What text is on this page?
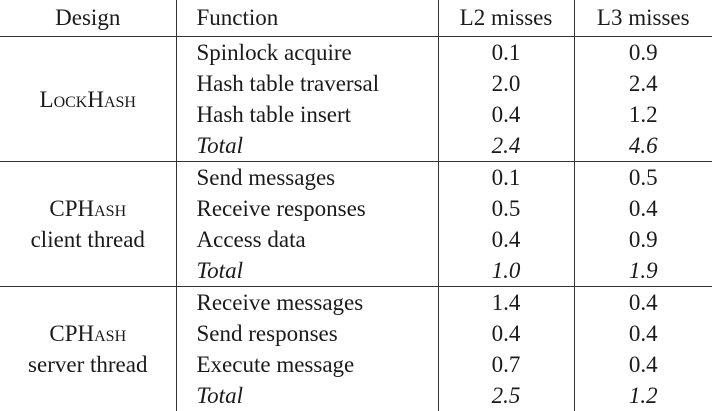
Design	Function	L2 misses	L3 misses
LockHash	Spinlock acquire	0.1	0.9
	Hash table traversal	2.0	2.4
	Hash table insert	0.4	1.2
	Total	2.4	4.6

CPHash
client thread	Send messages	0.1	0.5
	Receive responses	0.5	0.4
	Access data	0.4	0.9
	Total	1.0	1.9

CPHash
server thread	Receive messages	1.4	0.4
	Send responses	0.4	0.4
	Execute message	0.7	0.4
	Total	2.5	1.2
